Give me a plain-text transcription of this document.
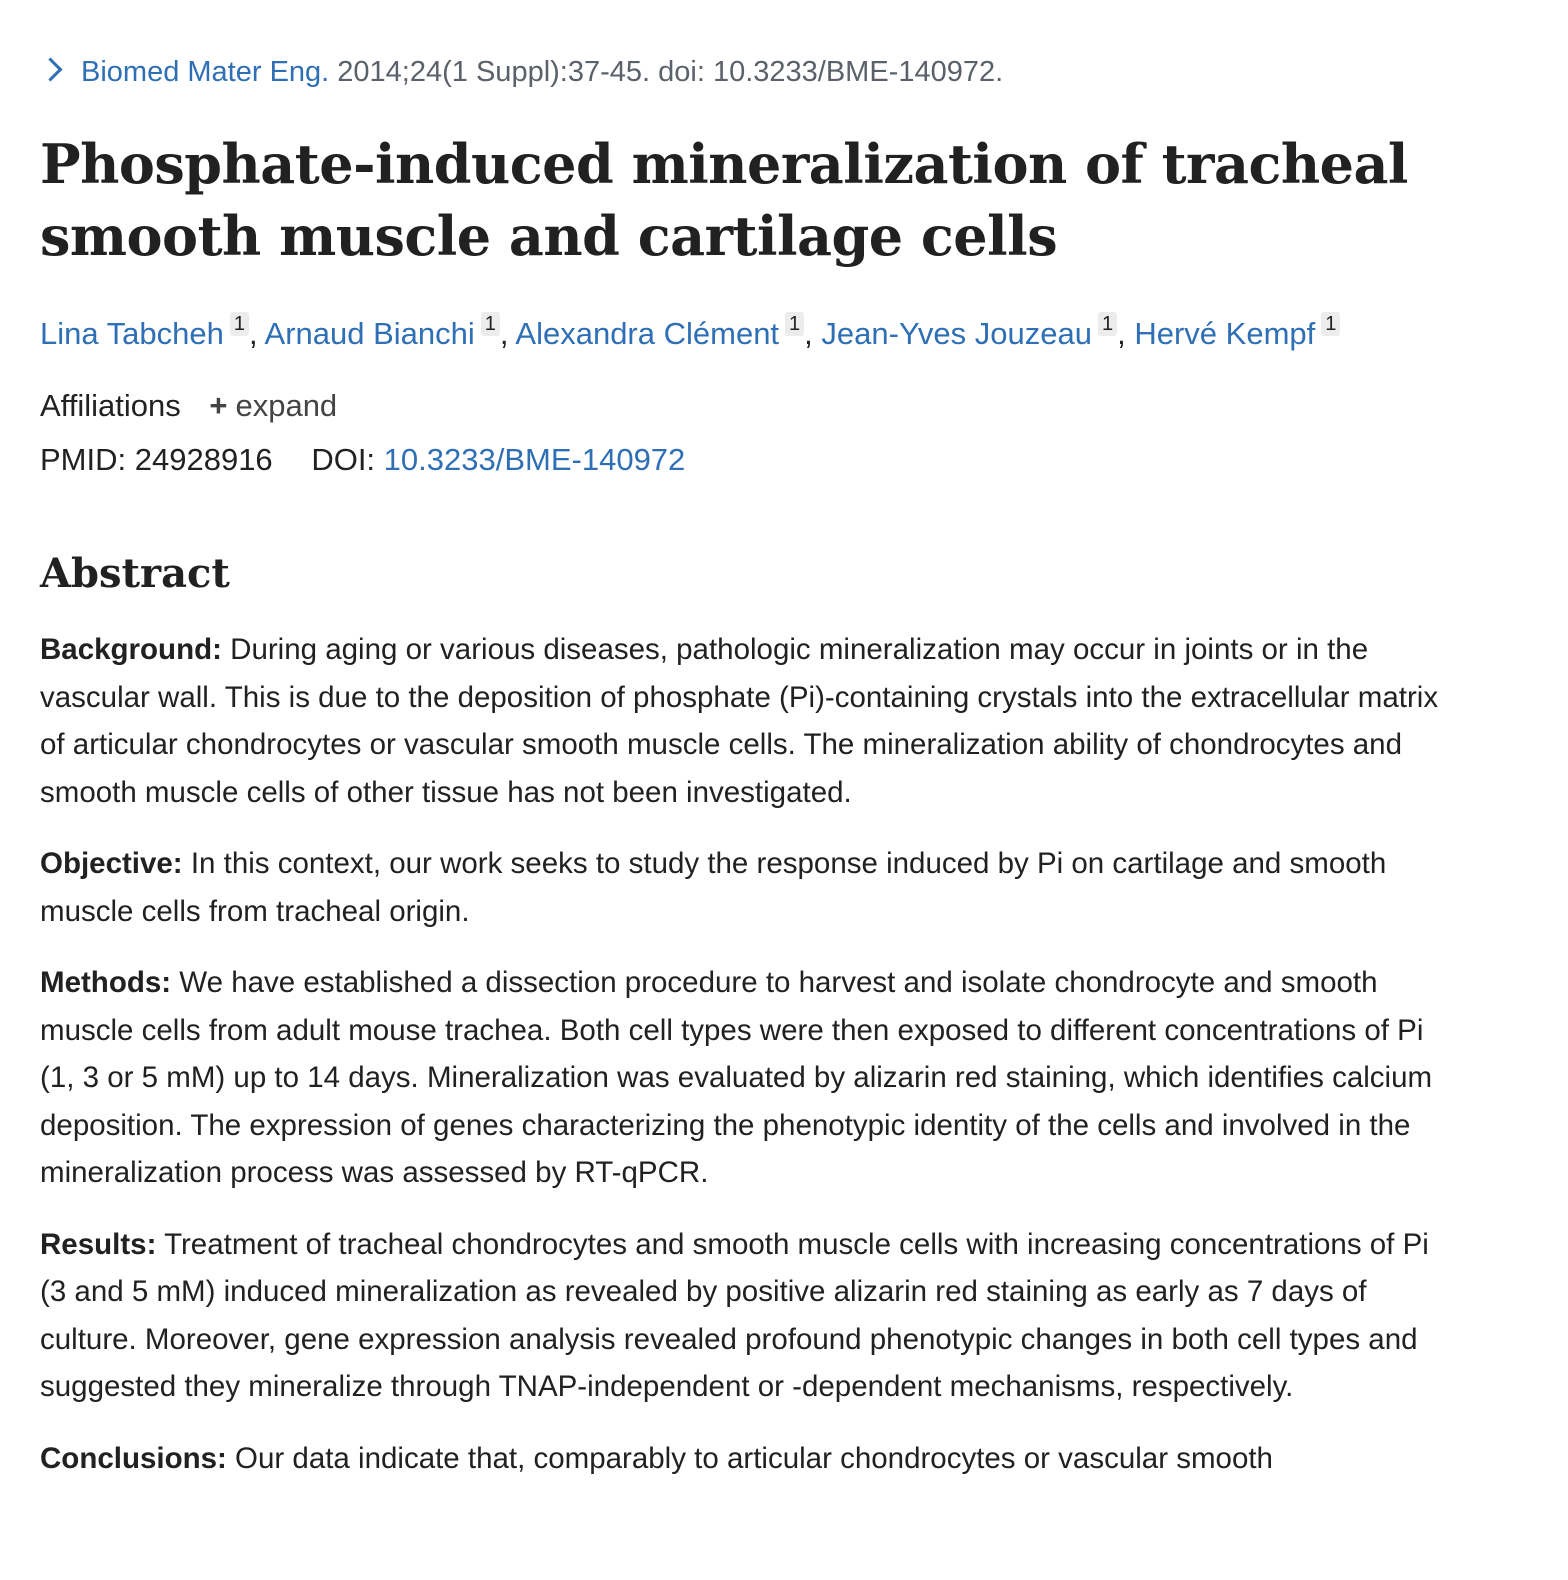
Biomed Mater Eng. 2014;24(1 Suppl):37-45. doi: 10.3233/BME-140972.
Phosphate-induced mineralization of tracheal smooth muscle and cartilage cells
Lina Tabcheh 1 , Arnaud Bianchi 1 , Alexandra Clément 1 , Jean-Yves Jouzeau 1 , Hervé Kempf 1
Affiliations + expand
PMID: 24928916 DOI: 10.3233/BME-140972
Abstract

Background: During aging or various diseases, pathologic mineralization may occur in joints or in the vascular wall. This is due to the deposition of phosphate (Pi)-containing crystals into the extracellular matrix of articular chondrocytes or vascular smooth muscle cells. The mineralization ability of chondrocytes and smooth muscle cells of other tissue has not been investigated.

Objective: In this context, our work seeks to study the response induced by Pi on cartilage and smooth muscle cells from tracheal origin.

Methods: We have established a dissection procedure to harvest and isolate chondrocyte and smooth muscle cells from adult mouse trachea. Both cell types were then exposed to different concentrations of Pi (1, 3 or 5 mM) up to 14 days. Mineralization was evaluated by alizarin red staining, which identifies calcium deposition. The expression of genes characterizing the phenotypic identity of the cells and involved in the mineralization process was assessed by RT-qPCR.

Results: Treatment of tracheal chondrocytes and smooth muscle cells with increasing concentrations of Pi (3 and 5 mM) induced mineralization as revealed by positive alizarin red staining as early as 7 days of culture. Moreover, gene expression analysis revealed profound phenotypic changes in both cell types and suggested they mineralize through TNAP-independent or -dependent mechanisms, respectively.

Conclusions: Our data indicate that, comparably to articular chondrocytes or vascular smooth
